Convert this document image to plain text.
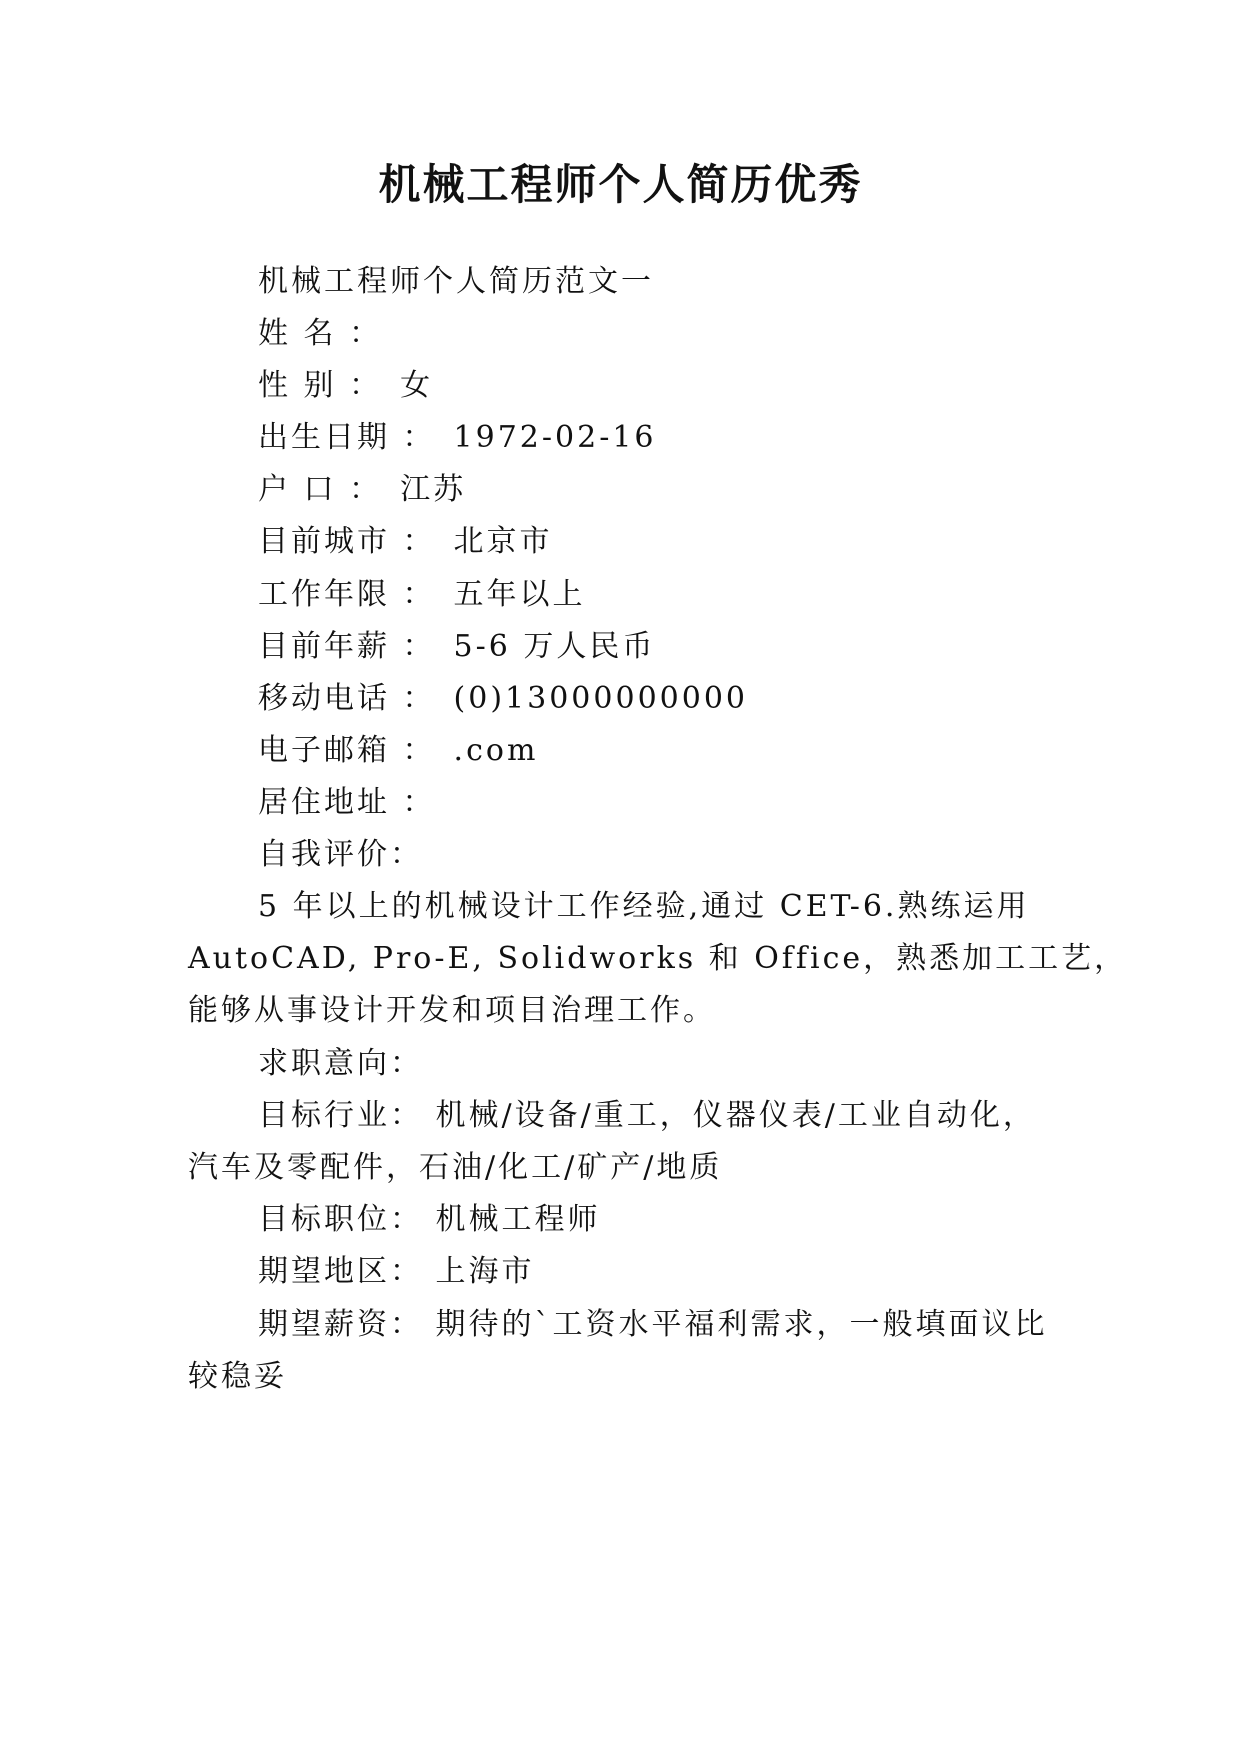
机械工程师个人简历优秀
机械工程师个人简历范文一
姓 名 ：
性 别 ： 女
出生日期 ： 1972-02-16
户 口 ： 江苏
目前城市 ： 北京市
工作年限 ： 五年以上
目前年薪 ： 5-6 万人民币
移动电话 ： (0)13000000000
电子邮箱 ： .com
居住地址 ：
自我评价：
5 年以上的机械设计工作经验,通过 CET-6.熟练运用
AutoCAD, Pro-E, Solidworks 和 Office，熟悉加工工艺，
能够从事设计开发和项目治理工作。
求职意向：
目标行业： 机械/设备/重工，仪器仪表/工业自动化，
汽车及零配件，石油/化工/矿产/地质
目标职位： 机械工程师
期望地区： 上海市
期望薪资： 期待的`工资水平福利需求，一般填面议比
较稳妥
